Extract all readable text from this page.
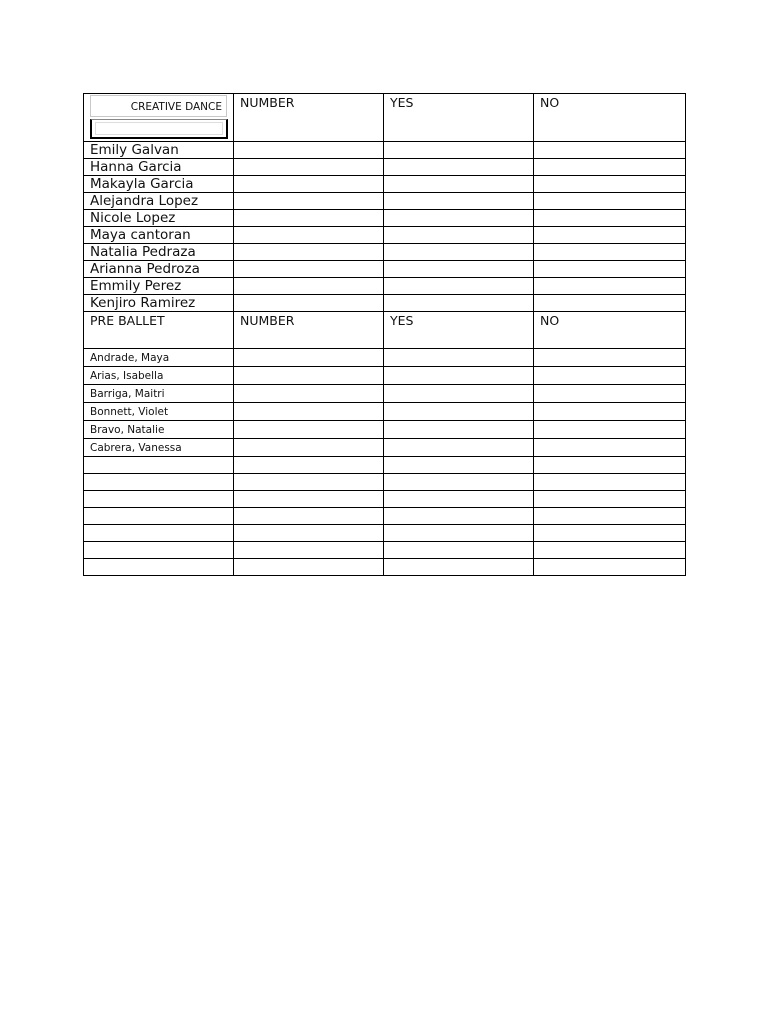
CREATIVE DANCE	NUMBER	YES	NO
Emily Galvan			
Hanna Garcia			
Makayla Garcia			
Alejandra Lopez			
Nicole Lopez			
Maya cantoran			
Natalia Pedraza			
Arianna Pedroza			
Emmily Perez			
Kenjiro Ramirez			
PRE BALLET	NUMBER	YES	NO
Andrade, Maya			
Arias, Isabella			
Barriga, Maitri			
Bonnett, Violet			
Bravo, Natalie			
Cabrera, Vanessa			
